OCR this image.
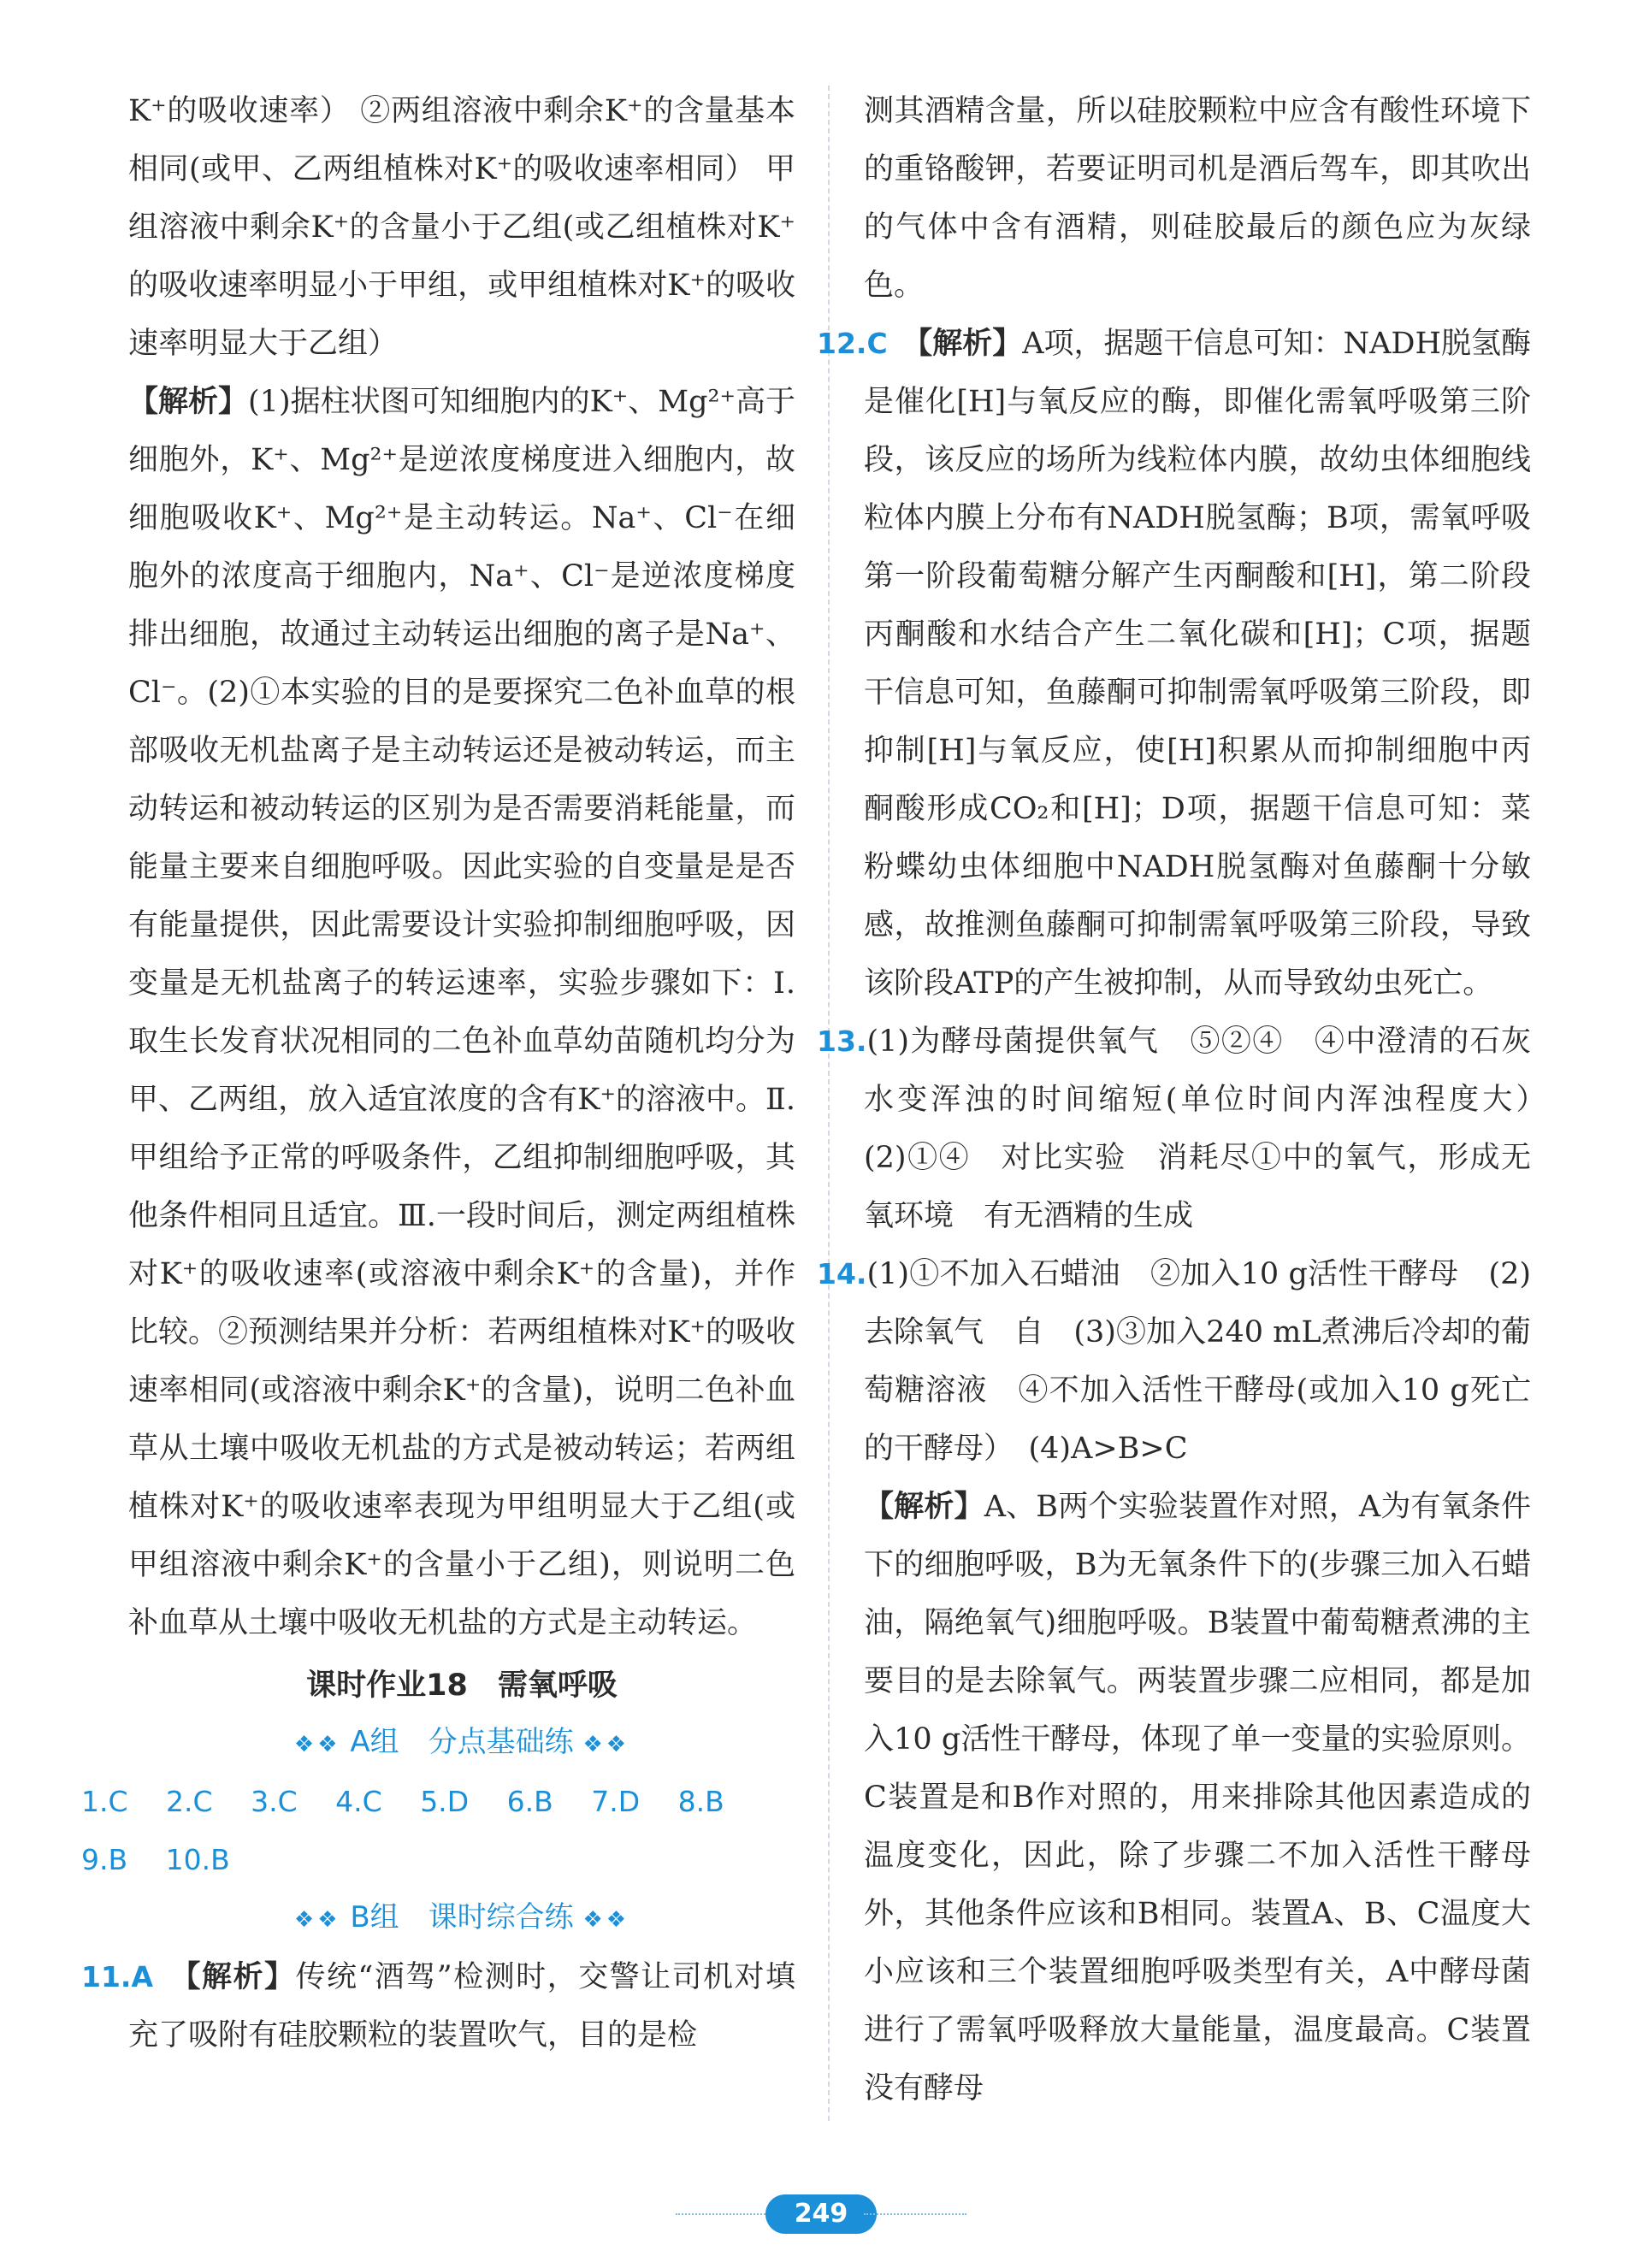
K⁺的吸收速率） ②两组溶液中剩余K⁺的含量基本相同(或甲、乙两组植株对K⁺的吸收速率相同） 甲组溶液中剩余K⁺的含量小于乙组(或乙组植株对K⁺的吸收速率明显小于甲组，或甲组植株对K⁺的吸收速率明显大于乙组）

【解析】(1)据柱状图可知细胞内的K⁺、Mg²⁺高于细胞外，K⁺、Mg²⁺是逆浓度梯度进入细胞内，故细胞吸收K⁺、Mg²⁺是主动转运。Na⁺、Cl⁻在细胞外的浓度高于细胞内，Na⁺、Cl⁻是逆浓度梯度排出细胞，故通过主动转运出细胞的离子是Na⁺、Cl⁻。(2)①本实验的目的是要探究二色补血草的根部吸收无机盐离子是主动转运还是被动转运，而主动转运和被动转运的区别为是否需要消耗能量，而能量主要来自细胞呼吸。因此实验的自变量是是否有能量提供，因此需要设计实验抑制细胞呼吸，因变量是无机盐离子的转运速率，实验步骤如下：Ⅰ.取生长发育状况相同的二色补血草幼苗随机均分为甲、乙两组，放入适宜浓度的含有K⁺的溶液中。Ⅱ.甲组给予正常的呼吸条件，乙组抑制细胞呼吸，其他条件相同且适宜。Ⅲ.一段时间后，测定两组植株对K⁺的吸收速率(或溶液中剩余K⁺的含量)，并作比较。②预测结果并分析：若两组植株对K⁺的吸收速率相同(或溶液中剩余K⁺的含量)，说明二色补血草从土壤中吸收无机盐的方式是被动转运；若两组植株对K⁺的吸收速率表现为甲组明显大于乙组(或甲组溶液中剩余K⁺的含量小于乙组)，则说明二色补血草从土壤中吸收无机盐的方式是主动转运。

课时作业18　需氧呼吸
❖❖ A组　分点基础练 ❖❖
1.C 2.C 3.C 4.C 5.D 6.B 7.D 8.B
9.B 10.B
❖❖ B组　课时综合练 ❖❖

11.A　 【解析】传统“酒驾”检测时，交警让司机对填充了吸附有硅胶颗粒的装置吹气，目的是检

测其酒精含量，所以硅胶颗粒中应含有酸性环境下的重铬酸钾，若要证明司机是酒后驾车，即其吹出的气体中含有酒精，则硅胶最后的颜色应为灰绿色。

12.C　 【解析】A项，据题干信息可知：NADH脱氢酶是催化[H]与氧反应的酶，即催化需氧呼吸第三阶段，该反应的场所为线粒体内膜，故幼虫体细胞线粒体内膜上分布有NADH脱氢酶；B项，需氧呼吸第一阶段葡萄糖分解产生丙酮酸和[H]，第二阶段丙酮酸和水结合产生二氧化碳和[H]；C项，据题干信息可知，鱼藤酮可抑制需氧呼吸第三阶段，即抑制[H]与氧反应，使[H]积累从而抑制细胞中丙酮酸形成CO₂和[H]；D项，据题干信息可知：菜粉蝶幼虫体细胞中NADH脱氢酶对鱼藤酮十分敏感，故推测鱼藤酮可抑制需氧呼吸第三阶段，导致该阶段ATP的产生被抑制，从而导致幼虫死亡。

13.(1)为酵母菌提供氧气　⑤②④　④中澄清的石灰水变浑浊的时间缩短(单位时间内浑浊程度大）　(2)①④　对比实验　消耗尽①中的氧气，形成无氧环境　有无酒精的生成

14.(1)①不加入石蜡油　②加入10 g活性干酵母　(2)去除氧气　自　(3)③加入240 mL煮沸后冷却的葡萄糖溶液　④不加入活性干酵母(或加入10 g死亡的干酵母）　(4)A>B>C

【解析】A、B两个实验装置作对照，A为有氧条件下的细胞呼吸，B为无氧条件下的(步骤三加入石蜡油，隔绝氧气)细胞呼吸。B装置中葡萄糖煮沸的主要目的是去除氧气。两装置步骤二应相同，都是加入10 g活性干酵母，体现了单一变量的实验原则。C装置是和B作对照的，用来排除其他因素造成的温度变化，因此，除了步骤二不加入活性干酵母外，其他条件应该和B相同。装置A、B、C温度大小应该和三个装置细胞呼吸类型有关，A中酵母菌进行了需氧呼吸释放大量能量，温度最高。C装置没有酵母

249
